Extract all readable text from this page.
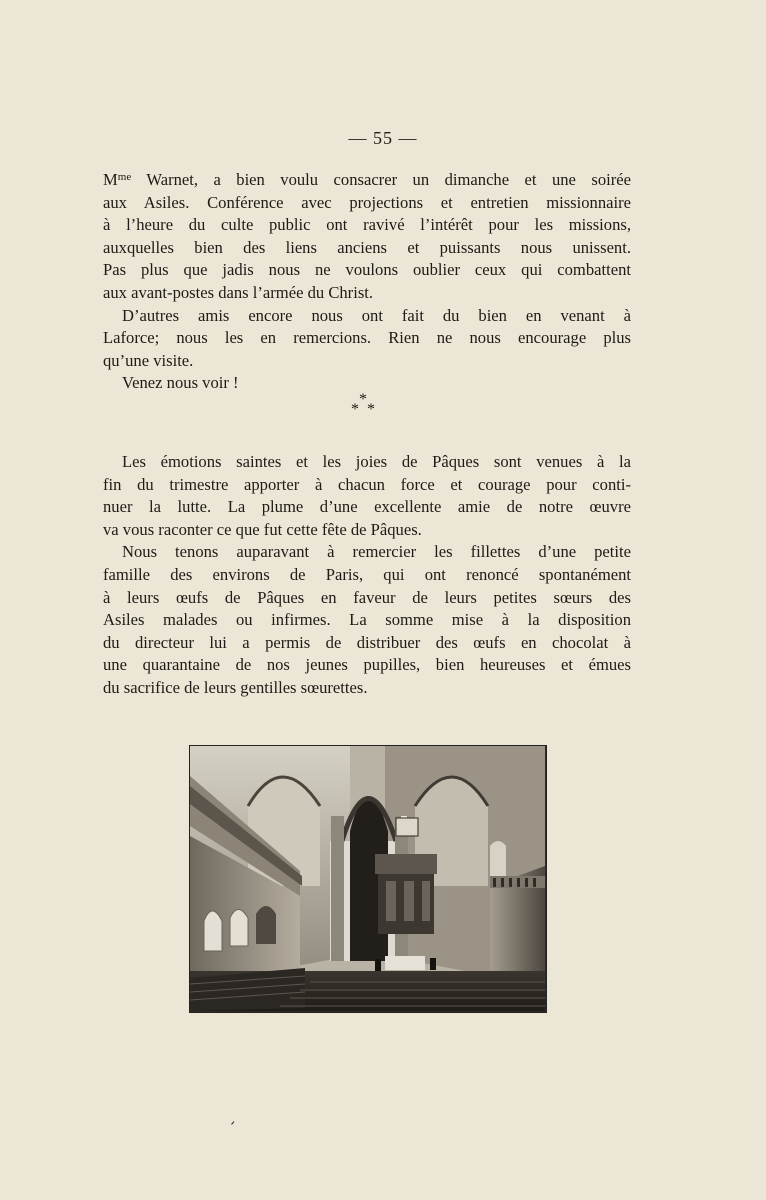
— 55 —
$M^{me}$ Warnet, a bien voulu consacrer un dimanche et une soirée
aux Asiles. Conférence avec projections et entretien missionnaire
à l’heure du culte public ont ravivé l’intérêt pour les missions,
auxquelles bien des liens anciens et puissants nous unissent.
Pas plus que jadis nous ne voulons oublier ceux qui combattent
aux avant-postes dans l’armée du Christ.
D’autres amis encore nous ont fait du bien en venant à
Laforce; nous les en remercions. Rien ne nous encourage plus
qu’une visite.
Venez nous voir !
*
* *
Les émotions saintes et les joies de Pâques sont venues à la
fin du trimestre apporter à chacun force et courage pour conti-
nuer la lutte. La plume d’une excellente amie de notre œuvre
va vous raconter ce que fut cette fête de Pâques.
Nous tenons auparavant à remercier les fillettes d’une petite
famille des environs de Paris, qui ont renoncé spontanément
à leurs œufs de Pâques en faveur de leurs petites sœurs des
Asiles malades ou infirmes. La somme mise à la disposition
du directeur lui a permis de distribuer des œufs en chocolat à
une quarantaine de nos jeunes pupilles, bien heureuses et émues
du sacrifice de leurs gentilles sœurettes.
